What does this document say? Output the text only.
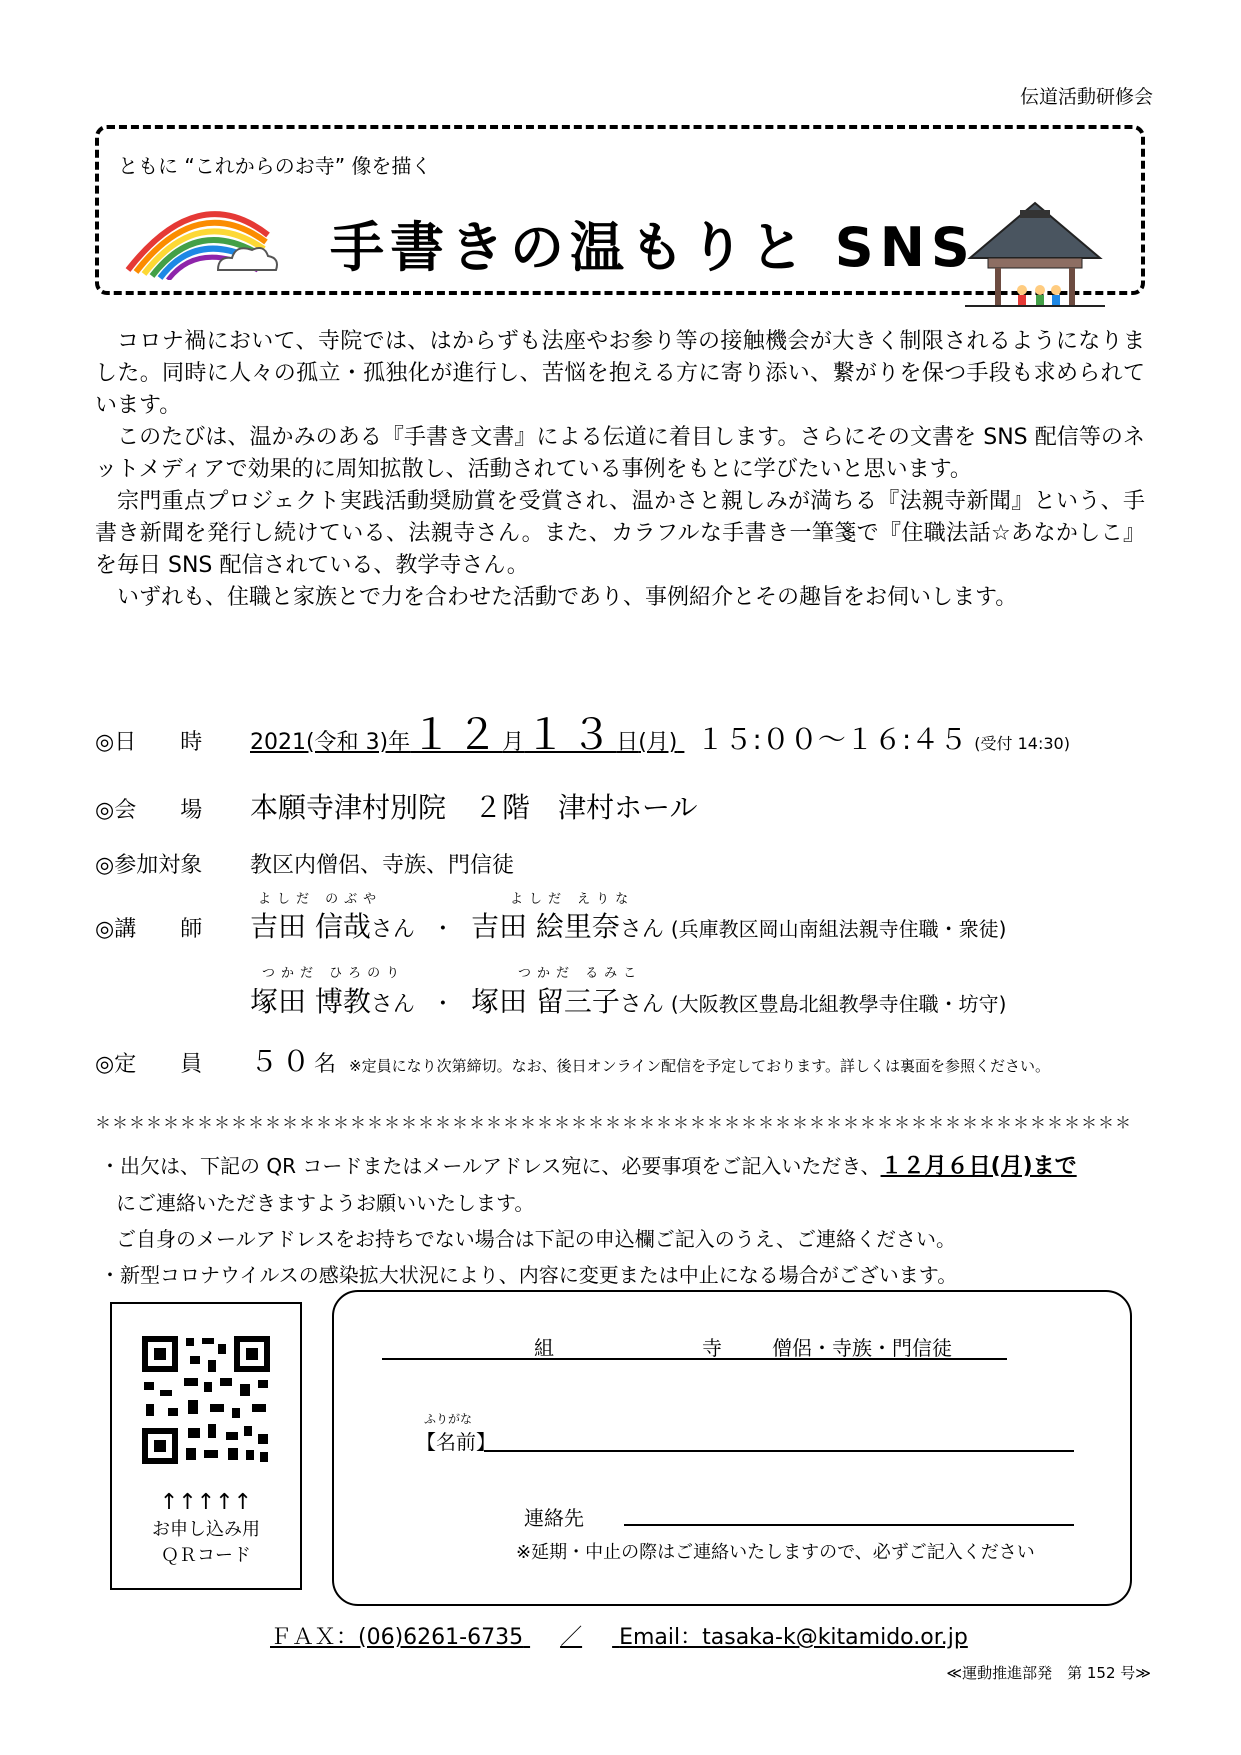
伝道活動研修会
ともに “これからのお寺” 像を描く
手書きの温もりと SNS

コロナ禍において、寺院では、はからずも法座やお参り等の接触機会が大きく制限されるようになりました。同時に人々の孤立・孤独化が進行し、苦悩を抱える方に寄り添い、繋がりを保つ手段も求められています。

このたびは、温かみのある『手書き文書』による伝道に着目します。さらにその文書を SNS 配信等のネットメディアで効果的に周知拡散し、活動されている事例をもとに学びたいと思います。

宗門重点プロジェクト実践活動奨励賞を受賞され、温かさと親しみが満ちる『法親寺新聞』という、手書き新聞を発行し続けている、法親寺さん。また、カラフルな手書き一筆箋で『住職法話☆あなかしこ』を毎日 SNS 配信されている、教学寺さん。

いずれも、住職と家族とで力を合わせた活動であり、事例紹介とその趣旨をお伺いします。

◎日　　時 2021(令和 3)年１２月１３日(月) １５:００～１６:４５ (受付 14:30)
◎会　　場 本願寺津村別院　２階　津村ホール
◎参加対象 教区内僧侶、寺族、門信徒
よしだ のぶや	よしだ えりな
◎講　　師 吉田 信哉さん ・ 吉田 絵里奈さん (兵庫教区岡山南組法親寺住職・衆徒)
つかだ ひろのり	つかだ るみこ
塚田 博教さん ・ 塚田 留三子さん (大阪教区豊島北組教學寺住職・坊守)
◎定　　員 ５０名 ※定員になり次第締切。なお、後日オンライン配信を予定しております。詳しくは裏面を参照ください。
＊＊＊＊＊＊＊＊＊＊＊＊＊＊＊＊＊＊＊＊＊＊＊＊＊＊＊＊＊＊＊＊＊＊＊＊＊＊＊＊＊＊＊＊＊＊＊＊＊＊＊＊＊＊＊＊＊＊＊＊＊
・出欠は、下記の QR コードまたはメールアドレス宛に、必要事項をご記入いただき、１２月６日(月)まで
にご連絡いただきますようお願いいたします。
ご自身のメールアドレスをお持ちでない場合は下記の申込欄ご記入のうえ、ご連絡ください。
・新型コロナウイルスの感染拡大状況により、内容に変更または中止になる場合がございます。
↑↑↑↑↑
お申し込み用
ＱＲコード
組	寺	僧侶・寺族・門信徒
ふりがな
【名前】
連絡先
※延期・中止の際はご連絡いたしますので、必ずご記入ください
ＦＡＸ：(06)6261-6735 ／ Email：tasaka-k@kitamido.or.jp
≪運動推進部発　第 152 号≫
